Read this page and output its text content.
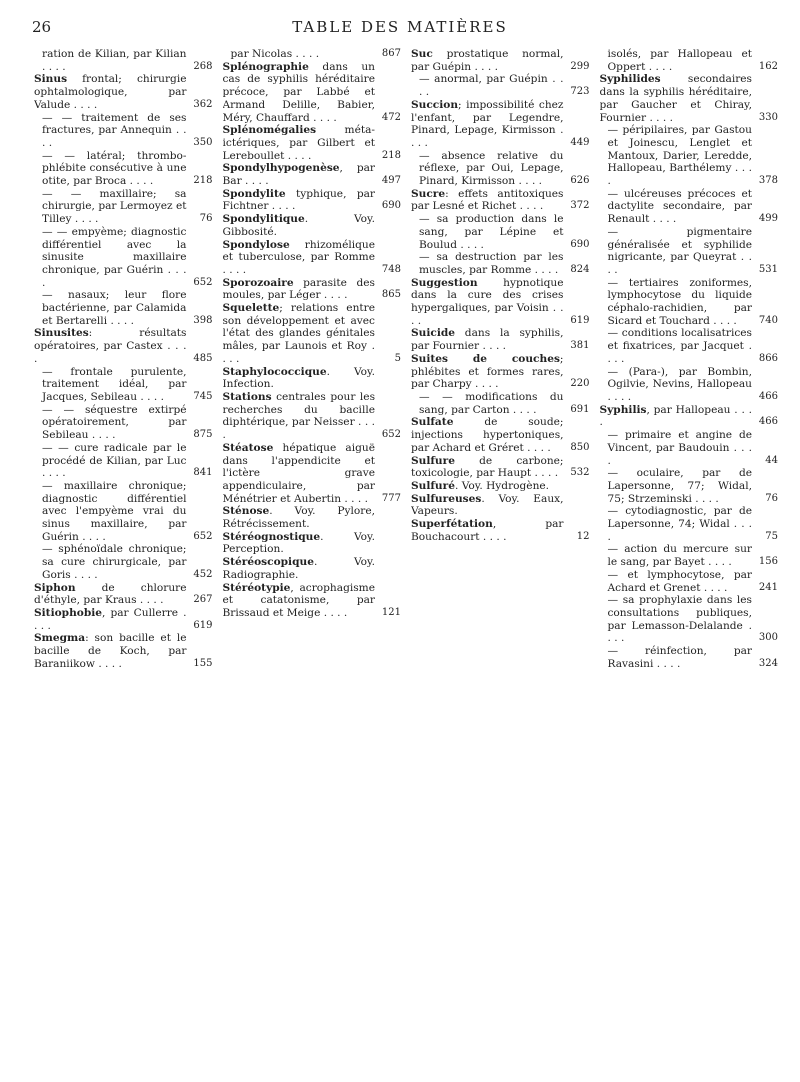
26	TABLE DES MATIÈRES
ration de Kilian, par Kilian . . . .	268
Sinus frontal; chirurgie ophtalmologique, par Valude . . . .	362
— — traitement de ses fractures, par Annequin . . . .	350
— — latéral; thrombo-phlébite consécutive à une otite, par Broca . . . .	218
— — maxillaire; sa chirurgie, par Lermoyez et Tilley . . . .	76
— — empyème; diagnostic différentiel avec la sinusite maxillaire chronique, par Guérin . . . .	652
— nasaux; leur flore bactérienne, par Calamida et Bertarelli . . . .	398
Sinusites: résultats opératoires, par Castex . . . .	485
— frontale purulente, traitement idéal, par Jacques, Sebileau . . . .	745
— — séquestre extirpé opératoirement, par Sebileau . . . .	875
— — cure radicale par le procédé de Kilian, par Luc . . . .	841
— maxillaire chronique; diagnostic différentiel avec l'empyème vrai du sinus maxillaire, par Guérin . . . .	652
— sphénoïdale chronique; sa cure chirurgicale, par Goris . . . .	452
Siphon de chlorure d'éthyle, par Kraus . . . .	267
Sitiophobie, par Cullerre . . . .	619
Smegma: son bacille et le bacille de Koch, par Baraniikow . . . .	155
par Nicolas . . . .	867
Splénographie dans un cas de syphilis héréditaire précoce, par Labbé et Armand Delille, Babier, Méry, Chauffard . . . .	472
Splénomégalies méta-ictériques, par Gilbert et Lereboullet . . . .	218
Spondylhypogenèse, par Bar . . . .	497
Spondylite typhique, par Fichtner . . . .	690
Spondylitique. Voy. Gibbosité.
Spondylose rhizomélique et tuberculose, par Romme . . . .	748
Sporozoaire parasite des moules, par Léger . . . .	865
Squelette; relations entre son développement et avec l'état des glandes génitales mâles, par Launois et Roy . . . .	5
Staphylococcique. Voy. Infection.
Stations centrales pour les recherches du bacille diphtérique, par Neisser . . . .	652
Stéatose hépatique aiguë dans l'appendicite et l'ictère grave appendiculaire, par Ménétrier et Aubertin . . . . 777
Sténose. Voy. Pylore, Rétrécissement.
Stéréognostique. Voy. Perception.
Stéréoscopique. Voy. Radiographie.
Stéréotypie, acrophagisme et catatonisme, par Brissaud et Meige . . . .	121
Suc prostatique normal, par Guépin . . . .	299
— anormal, par Guépin . . . .	723
Succion; impossibilité chez l'enfant, par Legendre, Pinard, Lepage, Kirmisson . . . .	449
— absence relative du réflexe, par Oui, Lepage, Pinard, Kirmisson . . . .	626
Sucre: effets antitoxiques par Lesné et Richet . . . .	372
— sa production dans le sang, par Lépine et Boulud . . . .	690
— sa destruction par les muscles, par Romme . . . . 824
Suggestion hypnotique dans la cure des crises hypergaliques, par Voisin . . . .	619
Suicide dans la syphilis, par Fournier . . . .	381
Suites de couches; phlébites et formes rares, par Charpy . . . .	220
— — modifications du sang, par Carton . . . .	691
Sulfate de soude; injections hypertoniques, par Achard et Gréret . . . . 850
Sulfure de carbone; toxicologie, par Haupt . . . . 532
Sulfuré. Voy. Hydrogène.
Sulfureuses. Voy. Eaux, Vapeurs.
Superfétation, par Bouchacourt . . . .	12
isolés, par Hallopeau et Oppert . . . .	162
Syphilides secondaires dans la syphilis héréditaire, par Gaucher et Chiray, Fournier . . . .	330
— péripilaires, par Gastou et Joinescu, Lenglet et Mantoux, Darier, Leredde, Hallopeau, Barthélemy . . . .	378
— ulcéreuses précoces et dactylite secondaire, par Renault . . . .	499
— pigmentaire généralisée et syphilide nigricante, par Queyrat . . . .	531
— tertiaires zoniformes, lymphocytose du liquide céphalo-rachidien, par Sicard et Touchard . . . . 740
— conditions localisatrices et fixatrices, par Jacquet . . . .	866
— (Para-), par Bombin, Ogilvie, Nevins, Hallopeau . . . .	466
Syphilis, par Hallopeau . . . .	466
— primaire et angine de Vincent, par Baudouin . . . .	44
— oculaire, par de Lapersonne, 77; Widal, 75; Strzeminski . . . .	76
— cytodiagnostic, par de Lapersonne, 74; Widal . . . .	75
— action du mercure sur le sang, par Bayet . . . .	156
— et lymphocytose, par Achard et Grenet . . . .	241
— sa prophylaxie dans les consultations publiques, par Lemasson-Delalande . . . .	300
— réinfection, par Ravasini . . . .	324
